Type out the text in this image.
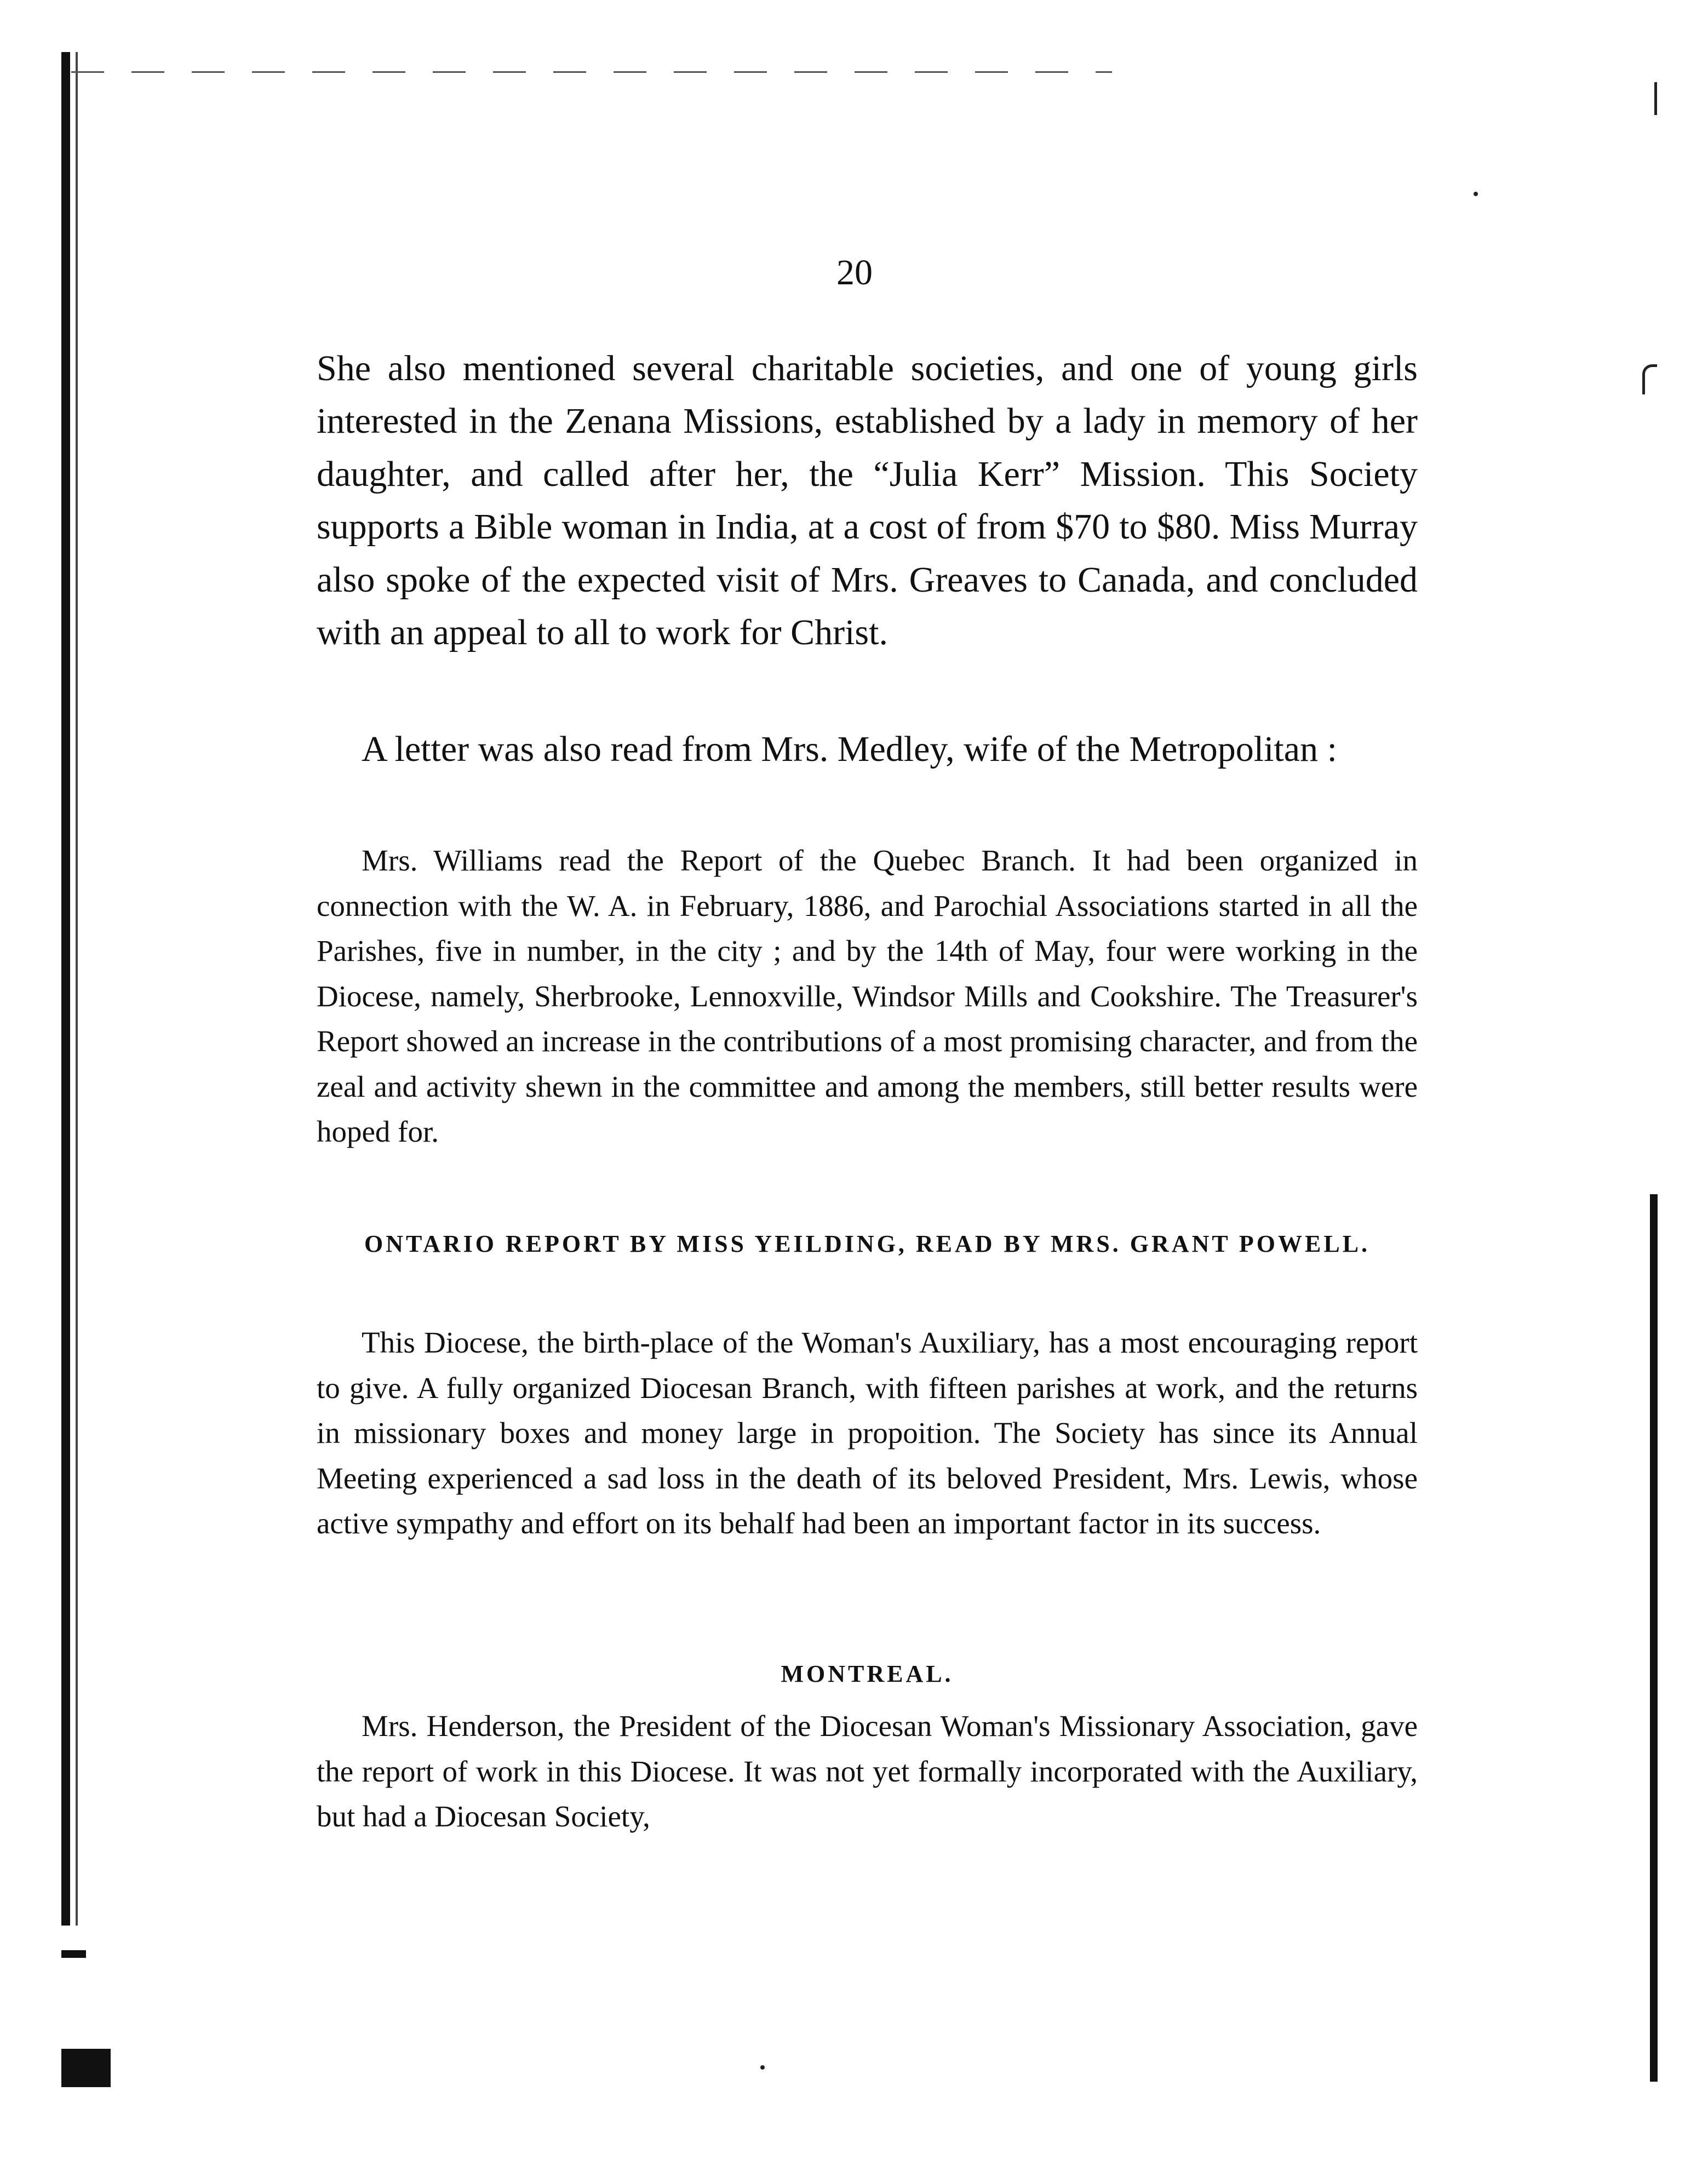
20

She also mentioned several charitable societies, and one of young girls interested in the Zenana Missions, established by a lady in memory of her daughter, and called after her, the “Julia Kerr” Mission. This Society supports a Bible woman in India, at a cost of from $70 to $80. Miss Murray also spoke of the expected visit of Mrs. Greaves to Canada, and concluded with an appeal to all to work for Christ.

A letter was also read from Mrs. Medley, wife of the Metropolitan :

Mrs. Williams read the Report of the Quebec Branch. It had been organized in connection with the W. A. in February, 1886, and Parochial Associations started in all the Parishes, five in number, in the city ; and by the 14th of May, four were working in the Diocese, namely, Sherbrooke, Lennoxville, Windsor Mills and Cookshire. The Treasurer's Report showed an increase in the contributions of a most promising character, and from the zeal and activity shewn in the committee and among the members, still better results were hoped for.

ONTARIO REPORT BY MISS YEILDING, READ BY MRS. GRANT POWELL.

This Diocese, the birth-place of the Woman's Auxiliary, has a most encouraging report to give. A fully organized Diocesan Branch, with fifteen parishes at work, and the returns in missionary boxes and money large in propoition. The Society has since its Annual Meeting experienced a sad loss in the death of its beloved President, Mrs. Lewis, whose active sympathy and effort on its behalf had been an important factor in its success.

MONTREAL.

Mrs. Henderson, the President of the Diocesan Woman's Missionary Association, gave the report of work in this Diocese. It was not yet formally incorporated with the Auxiliary, but had a Diocesan Society,
